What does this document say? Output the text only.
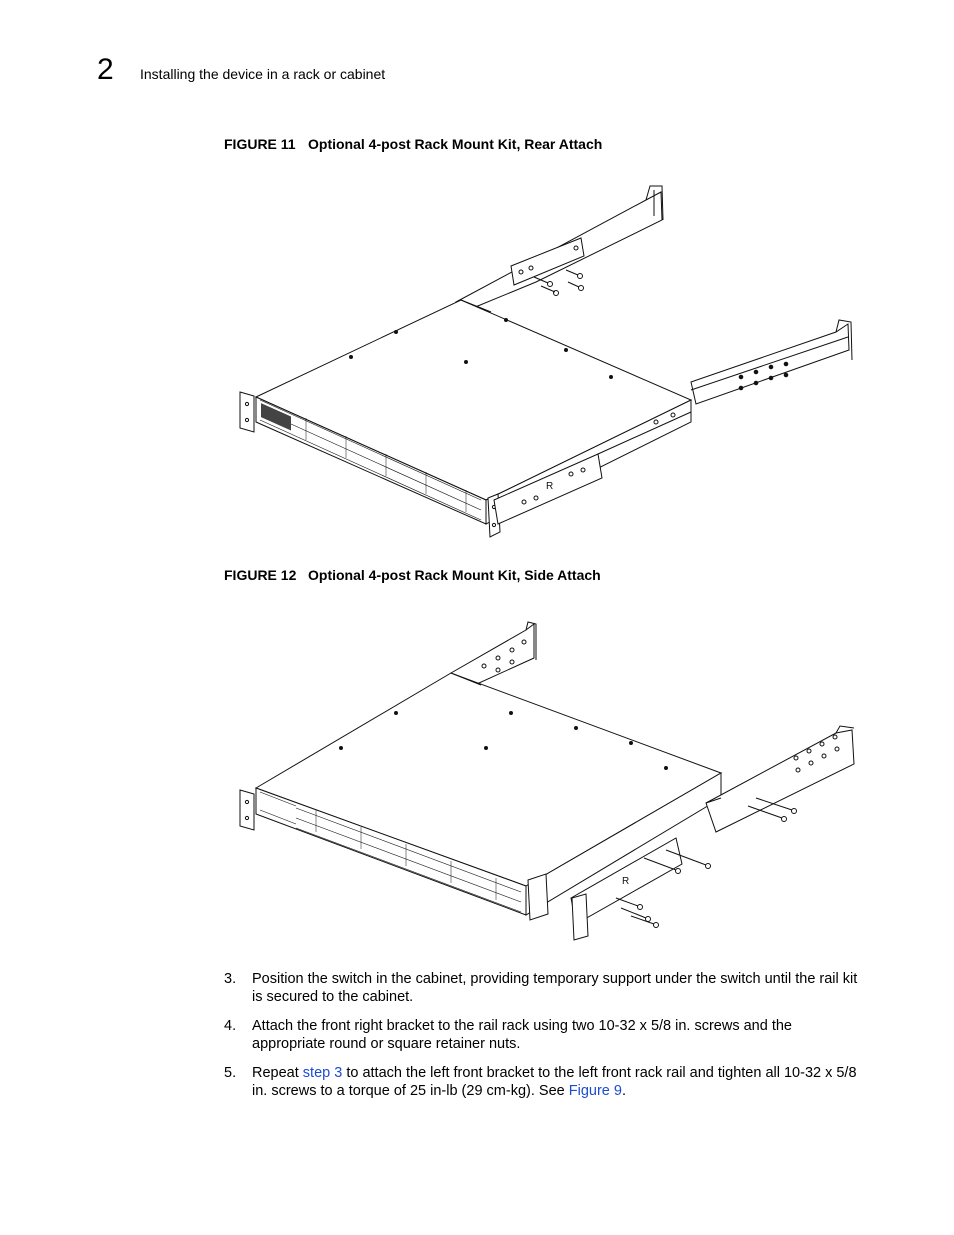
2 Installing the device in a rack or cabinet
FIGURE 11 Optional 4-post Rack Mount Kit, Rear Attach
R
FIGURE 12 Optional 4-post Rack Mount Kit, Side Attach
R
3. Position the switch in the cabinet, providing temporary support under the switch until the rail kit is secured to the cabinet.
4. Attach the front right bracket to the rail rack using two 10-32 x 5/8 in. screws and the appropriate round or square retainer nuts.
5. Repeat step 3 to attach the left front bracket to the left front rack rail and tighten all 10-32 x 5/8 in. screws to a torque of 25 in-lb (29 cm-kg). See Figure 9.
